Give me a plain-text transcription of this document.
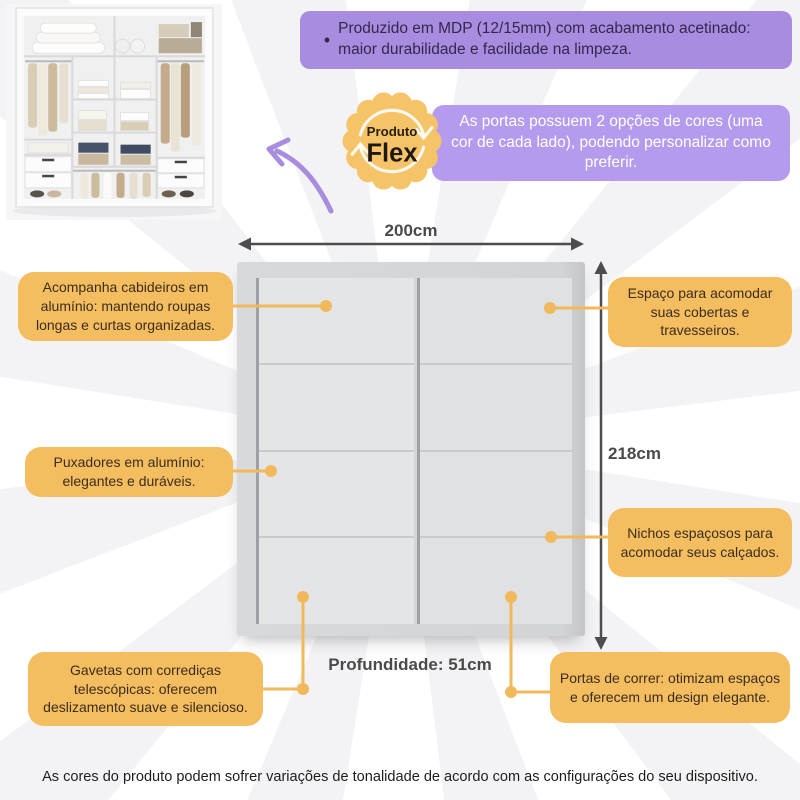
•
Produzido em MDP (12/15mm) com acabamento acetinado: maior durabilidade e facilidade na limpeza.
As portas possuem 2 opções de cores (uma cor de cada lado), podendo personalizar como preferir.
Produto
Flex
200cm
218cm
Profundidade: 51cm
Acompanha cabideiros em alumínio: mantendo roupas longas e curtas organizadas.
Puxadores em alumínio: elegantes e duráveis.
Gavetas com corrediças telescópicas: oferecem deslizamento suave e silencioso.
Espaço para acomodar suas cobertas e travesseiros.
Nichos espaçosos para acomodar seus calçados.
Portas de correr: otimizam espaços e oferecem um design elegante.
As cores do produto podem sofrer variações de tonalidade de acordo com as configurações do seu dispositivo.
